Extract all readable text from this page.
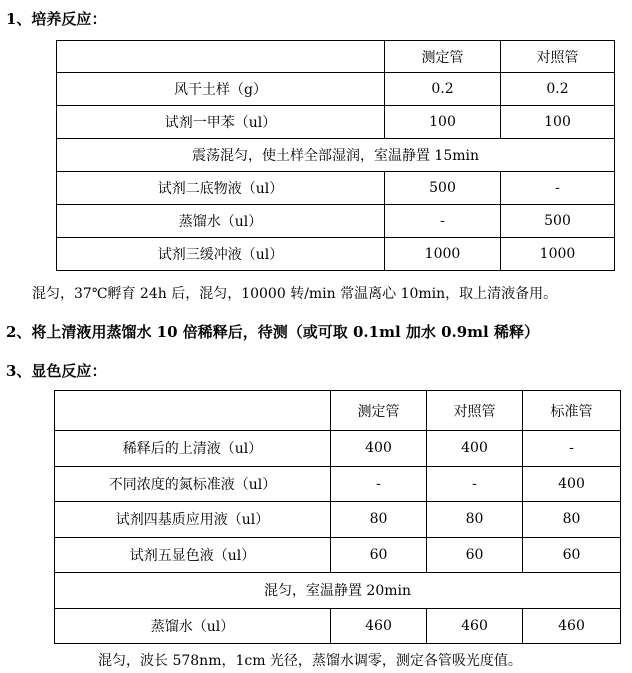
1、培养反应：
	测定管	对照管
风干土样（g）	0.2	0.2
试剂一甲苯（ul）	100	100
震荡混匀，使土样全部湿润，室温静置 15min		
试剂二底物液（ul）	500	-
蒸馏水（ul）	-	500
试剂三缓冲液（ul）	1000	1000
混匀，37℃孵育 24h 后，混匀，10000 转/min 常温离心 10min，取上清液备用。
2、将上清液用蒸馏水 10 倍稀释后，待测（或可取 0.1ml 加水 0.9ml 稀释）
3、显色反应：
	测定管	对照管	标准管
稀释后的上清液（ul）	400	400	-
不同浓度的氮标准液（ul）	-	-	400
试剂四基质应用液（ul）	80	80	80
试剂五显色液（ul）	60	60	60
混匀，室温静置 20min			
蒸馏水（ul）	460	460	460
混匀，波长 578nm，1cm 光径，蒸馏水调零，测定各管吸光度值。
